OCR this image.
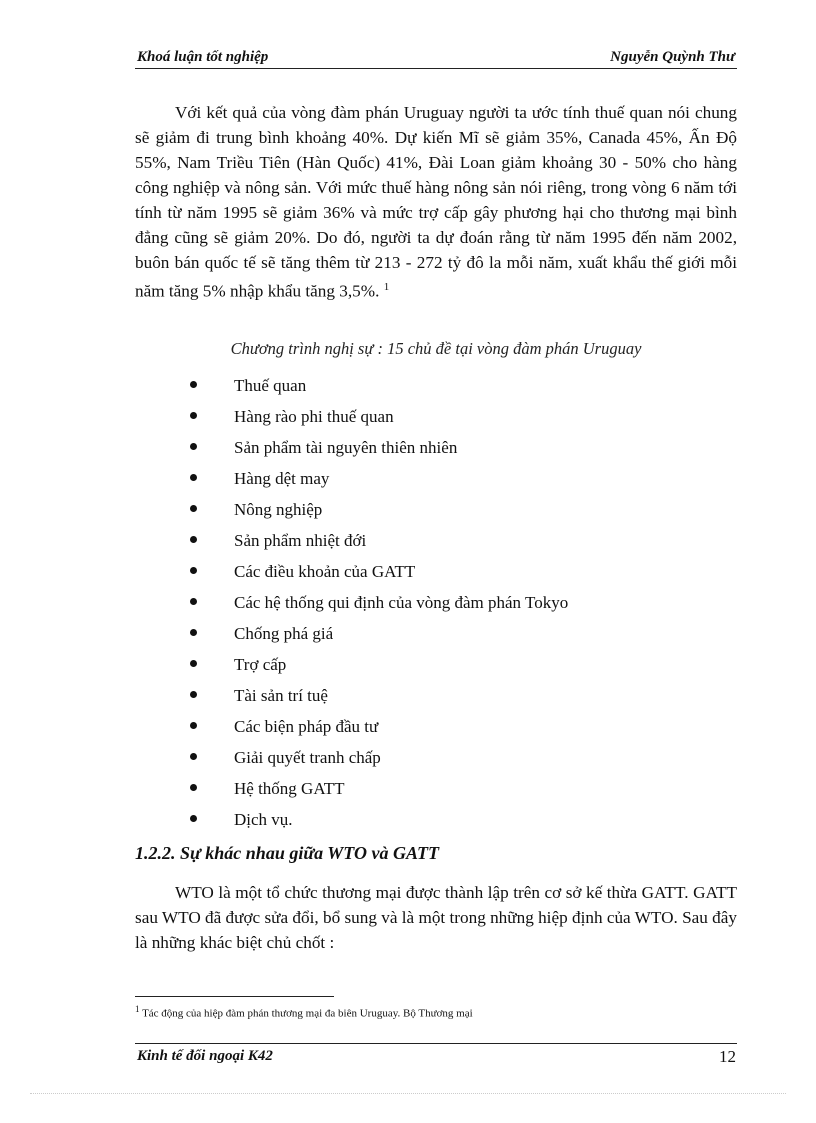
Khoá luận tốt nghiệp	Nguyễn Quỳnh Thư

Với kết quả của vòng đàm phán Uruguay người ta ước tính thuế quan nói chung sẽ giảm đi trung bình khoảng 40%. Dự kiến Mĩ sẽ giảm 35%, Canada 45%, Ấn Độ 55%, Nam Triều Tiên (Hàn Quốc) 41%, Đài Loan giảm khoảng 30 - 50% cho hàng công nghiệp và nông sản. Với mức thuế hàng nông sản nói riêng, trong vòng 6 năm tới tính từ năm 1995 sẽ giảm 36% và mức trợ cấp gây phương hại cho thương mại bình đẳng cũng sẽ giảm 20%. Do đó, người ta dự đoán rằng từ năm 1995 đến năm 2002, buôn bán quốc tế sẽ tăng thêm từ 213 - 272 tỷ đô la mỗi năm, xuất khẩu thế giới mỗi năm tăng 5% nhập khẩu tăng 3,5%. $^1$

Chương trình nghị sự : 15 chủ đề tại vòng đàm phán Uruguay
Thuế quan
Hàng rào phi thuế quan
Sản phẩm tài nguyên thiên nhiên
Hàng dệt may
Nông nghiệp
Sản phẩm nhiệt đới
Các điều khoản của GATT
Các hệ thống qui định của vòng đàm phán Tokyo
Chống phá giá
Trợ cấp
Tài sản trí tuệ
Các biện pháp đầu tư
Giải quyết tranh chấp
Hệ thống GATT
Dịch vụ.
1.2.2. Sự khác nhau giữa WTO và GATT

WTO là một tổ chức thương mại được thành lập trên cơ sở kế thừa GATT. GATT sau WTO đã được sửa đổi, bổ sung và là một trong những hiệp định của WTO. Sau đây là những khác biệt chủ chốt :

$^1$ Tác động của hiệp đàm phán thương mại đa biên Uruguay. Bộ Thương mại
Kinh tế đối ngoại K42	12
